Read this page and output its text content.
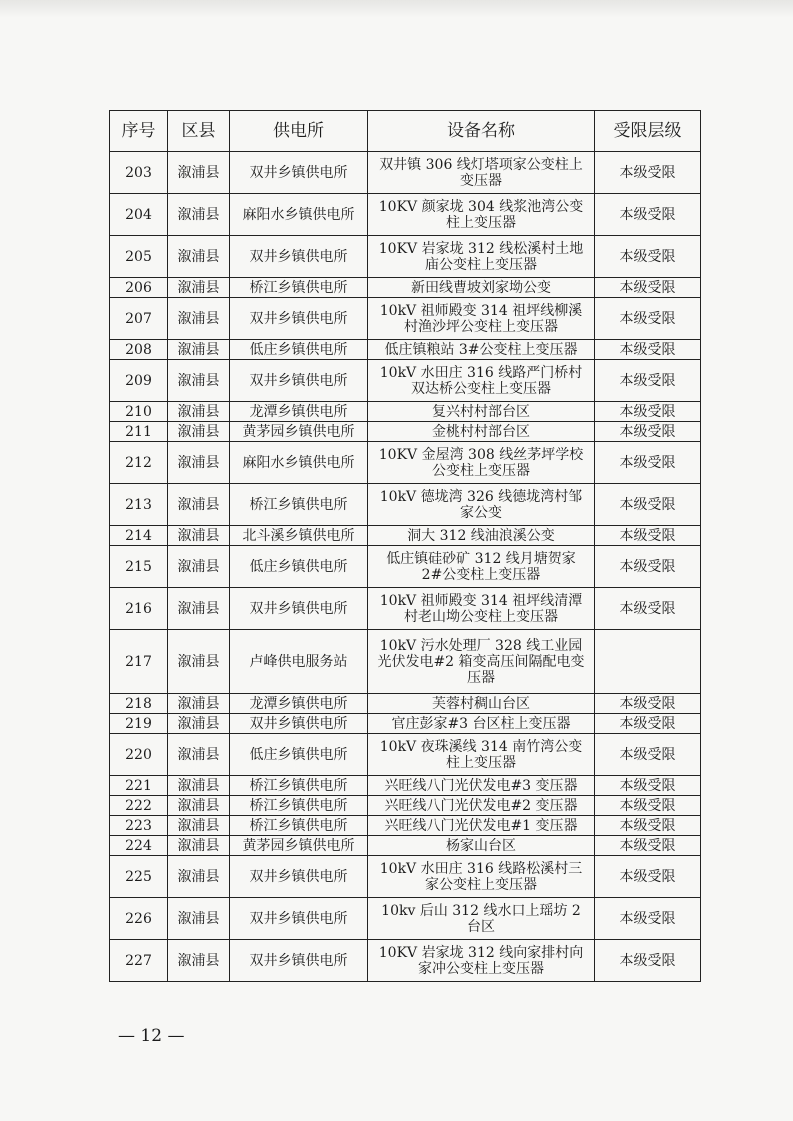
序号	区县	供电所	设备名称	受限层级
203	溆浦县	双井乡镇供电所	双井镇 306 线灯塔项家公变柱上变压器	本级受限
204	溆浦县	麻阳水乡镇供电所	10KV 颜家垅 304 线浆池湾公变柱上变压器	本级受限
205	溆浦县	双井乡镇供电所	10KV 岩家垅 312 线松溪村土地庙公变柱上变压器	本级受限
206	溆浦县	桥江乡镇供电所	新田线曹坡刘家坳公变	本级受限
207	溆浦县	双井乡镇供电所	10kV 祖师殿变 314 祖坪线柳溪村渔沙坪公变柱上变压器	本级受限
208	溆浦县	低庄乡镇供电所	低庄镇粮站 3#公变柱上变压器	本级受限
209	溆浦县	双井乡镇供电所	10kV 水田庄 316 线路严门桥村双达桥公变柱上变压器	本级受限
210	溆浦县	龙潭乡镇供电所	复兴村村部台区	本级受限
211	溆浦县	黄茅园乡镇供电所	金桃村村部台区	本级受限
212	溆浦县	麻阳水乡镇供电所	10KV 金屋湾 308 线丝茅坪学校公变柱上变压器	本级受限
213	溆浦县	桥江乡镇供电所	10kV 德垅湾 326 线德垅湾村邹家公变	本级受限
214	溆浦县	北斗溪乡镇供电所	洞大 312 线油浪溪公变	本级受限
215	溆浦县	低庄乡镇供电所	低庄镇硅砂矿 312 线月塘贺家 2#公变柱上变压器	本级受限
216	溆浦县	双井乡镇供电所	10kV 祖师殿变 314 祖坪线清潭村老山坳公变柱上变压器	本级受限
217	溆浦县	卢峰供电服务站	10kV 污水处理厂 328 线工业园光伏发电#2 箱变高压间隔配电变压器	
218	溆浦县	龙潭乡镇供电所	芙蓉村稠山台区	本级受限
219	溆浦县	双井乡镇供电所	官庄彭家#3 台区柱上变压器	本级受限
220	溆浦县	低庄乡镇供电所	10kV 夜珠溪线 314 南竹湾公变柱上变压器	本级受限
221	溆浦县	桥江乡镇供电所	兴旺线八门光伏发电#3 变压器	本级受限
222	溆浦县	桥江乡镇供电所	兴旺线八门光伏发电#2 变压器	本级受限
223	溆浦县	桥江乡镇供电所	兴旺线八门光伏发电#1 变压器	本级受限
224	溆浦县	黄茅园乡镇供电所	杨家山台区	本级受限
225	溆浦县	双井乡镇供电所	10kV 水田庄 316 线路松溪村三家公变柱上变压器	本级受限
226	溆浦县	双井乡镇供电所	10kv 后山 312 线水口上瑶坊 2 台区	本级受限
227	溆浦县	双井乡镇供电所	10KV 岩家垅 312 线向家排村向家冲公变柱上变压器	本级受限
— 12 —
